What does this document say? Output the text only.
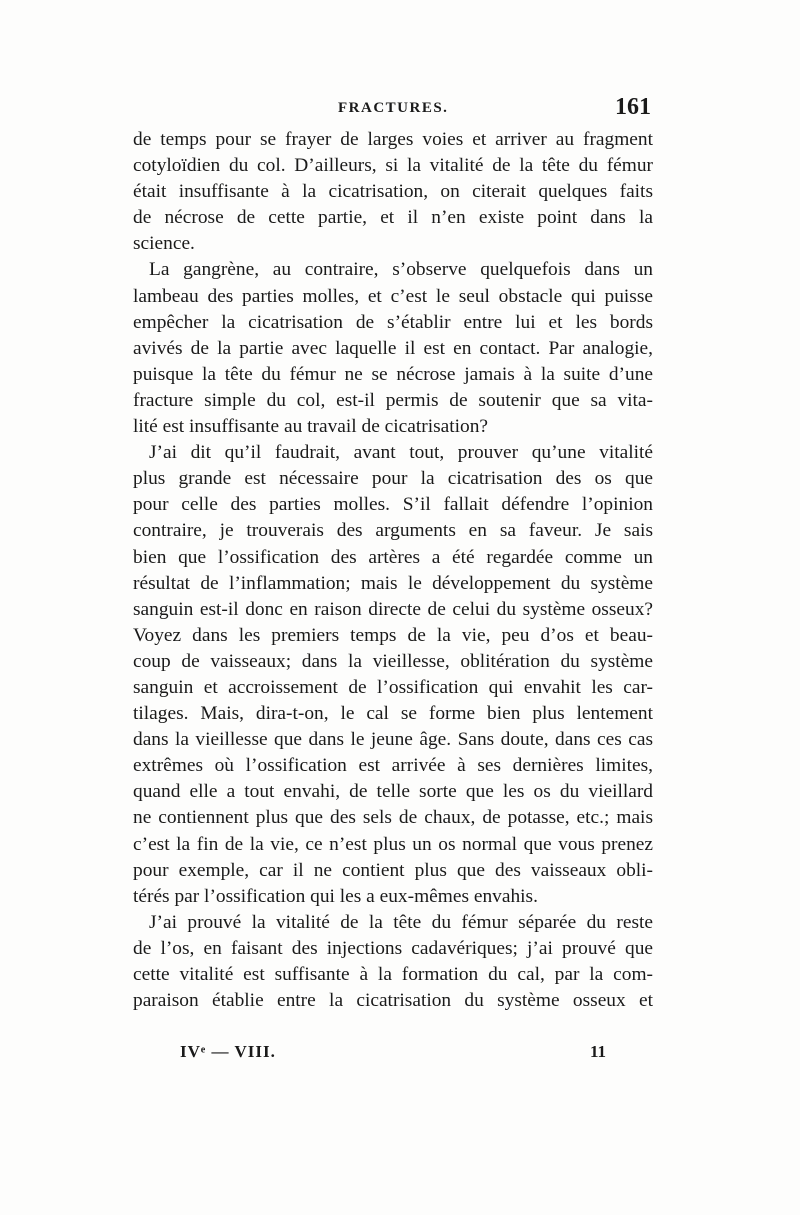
FRACTURES.	161
de temps pour se frayer de larges voies et arriver au fragment
cotyloïdien du col. D’ailleurs, si la vitalité de la tête du fémur
était insuffisante à la cicatrisation, on citerait quelques faits
de nécrose de cette partie, et il n’en existe point dans la
science.
La gangrène, au contraire, s’observe quelquefois dans un
lambeau des parties molles, et c’est le seul obstacle qui puisse
empêcher la cicatrisation de s’établir entre lui et les bords
avivés de la partie avec laquelle il est en contact. Par analogie,
puisque la tête du fémur ne se nécrose jamais à la suite d’une
fracture simple du col, est-il permis de soutenir que sa vita-
lité est insuffisante au travail de cicatrisation?
J’ai dit qu’il faudrait, avant tout, prouver qu’une vitalité
plus grande est nécessaire pour la cicatrisation des os que
pour celle des parties molles. S’il fallait défendre l’opinion
contraire, je trouverais des arguments en sa faveur. Je sais
bien que l’ossification des artères a été regardée comme un
résultat de l’inflammation; mais le développement du système
sanguin est-il donc en raison directe de celui du système osseux?
Voyez dans les premiers temps de la vie, peu d’os et beau-
coup de vaisseaux; dans la vieillesse, oblitération du système
sanguin et accroissement de l’ossification qui envahit les car-
tilages. Mais, dira-t-on, le cal se forme bien plus lentement
dans la vieillesse que dans le jeune âge. Sans doute, dans ces cas
extrêmes où l’ossification est arrivée à ses dernières limites,
quand elle a tout envahi, de telle sorte que les os du vieillard
ne contiennent plus que des sels de chaux, de potasse, etc.; mais
c’est la fin de la vie, ce n’est plus un os normal que vous prenez
pour exemple, car il ne contient plus que des vaisseaux obli-
térés par l’ossification qui les a eux-mêmes envahis.
J’ai prouvé la vitalité de la tête du fémur séparée du reste
de l’os, en faisant des injections cadavériques; j’ai prouvé que
cette vitalité est suffisante à la formation du cal, par la com-
paraison établie entre la cicatrisation du système osseux et
IVᵉ — VIII.	11
